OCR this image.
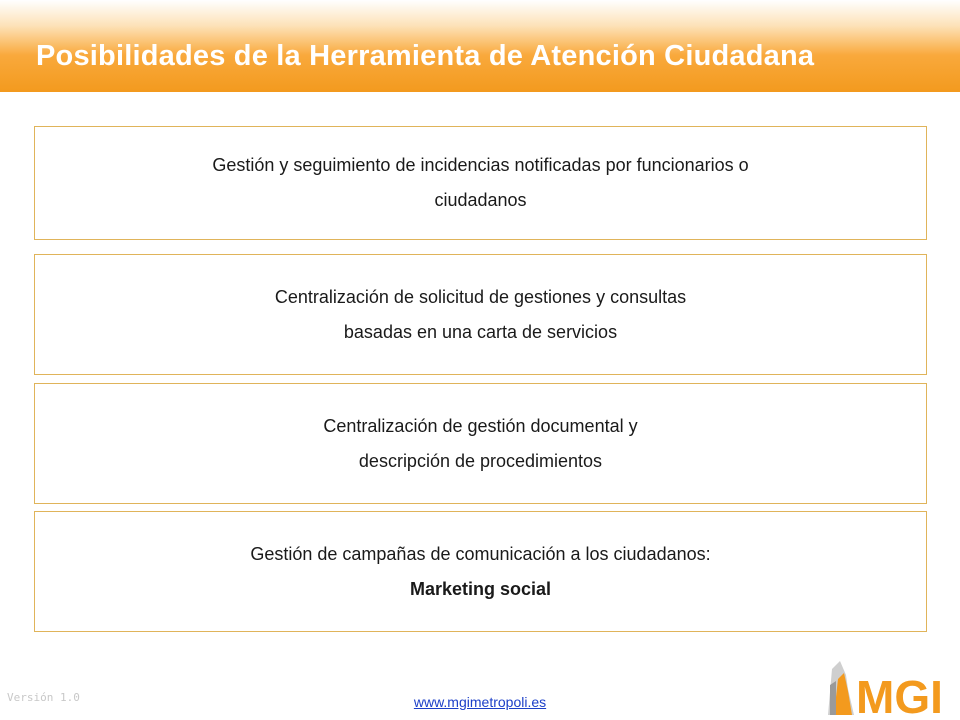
Posibilidades de la Herramienta de Atención Ciudadana
Gestión y seguimiento de incidencias notificadas por funcionarios o
ciudadanos
Centralización de solicitud de gestiones y consultas
basadas en una carta de servicios
Centralización de gestión documental y
descripción de procedimientos
Gestión de campañas de comunicación a los ciudadanos:
Marketing social
Versión 1.0	www.mgimetropoli.es	MGI
